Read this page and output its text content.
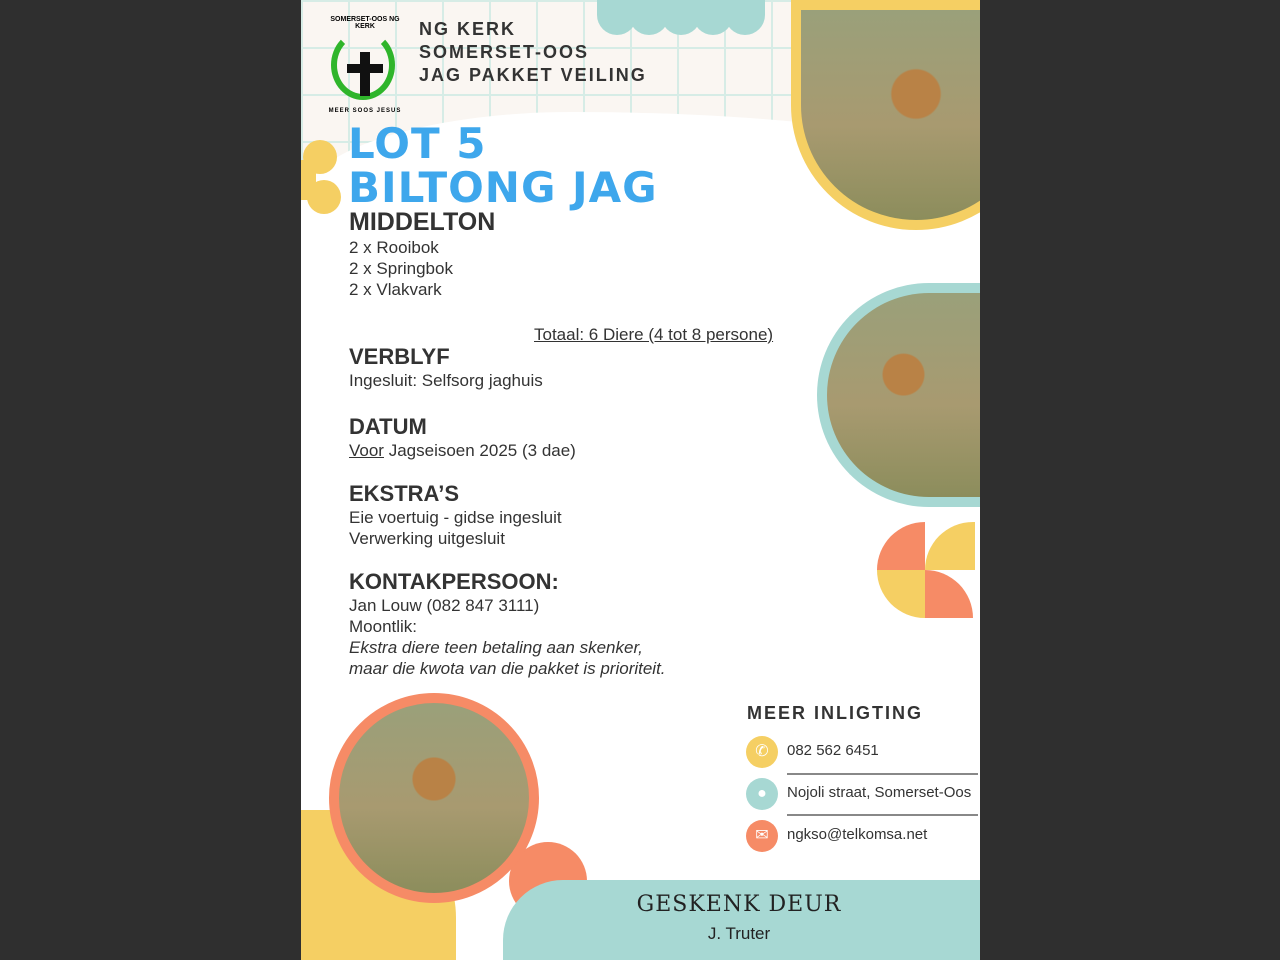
SOMERSET-OOS NG KERK
MEER SOOS JESUS
NG KERK
SOMERSET-OOS
JAG PAKKET VEILING
LOT 5
BILTONG JAG
MIDDELTON
2 x Rooibok
2 x Springbok
2 x Vlakvark
Totaal: 6 Diere (4 tot 8 persone)
VERBLYF
Ingesluit: Selfsorg jaghuis
DATUM
Voor Jagseisoen 2025 (3 dae)
EKSTRA’S
Eie voertuig - gidse ingesluit
Verwerking uitgesluit
KONTAKPERSOON:
Jan Louw (082 847 3111)
Moontlik:
Ekstra diere teen betaling aan skenker,
maar die kwota van die pakket is prioriteit.
MEER INLIGTING
✆	082 562 6451
●	Nojoli straat, Somerset-Oos
✉	ngkso@telkomsa.net
GESKENK DEUR
J. Truter
